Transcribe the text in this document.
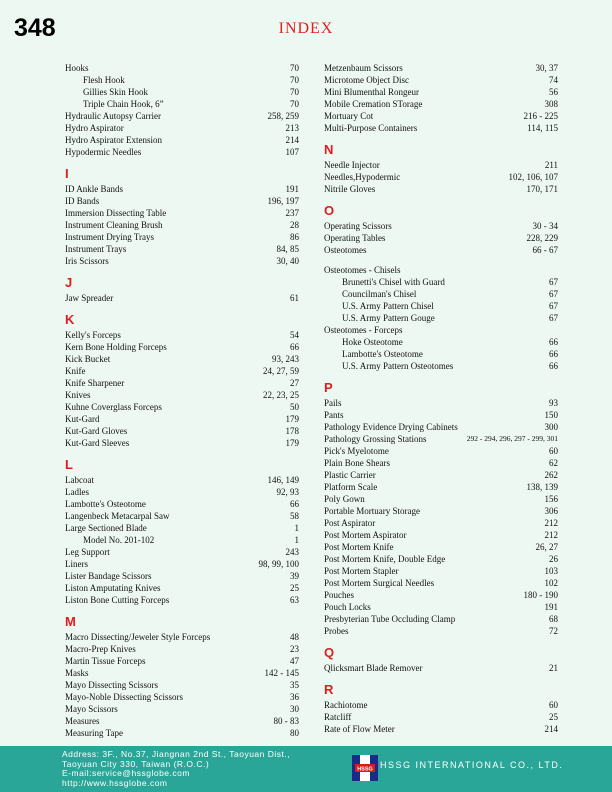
348	INDEX
Hooks	70
Flesh Hook	70
Gillies Skin Hook	70
Triple Chain Hook, 6”	70
Hydraulic Autopsy Carrier	258, 259
Hydro Aspirator	213
Hydro Aspirator Extension	214
Hypodermic Needles	107
I
ID Ankle Bands	191
ID Bands	196, 197
Immersion Dissecting Table	237
Instrument Cleaning Brush	28
Instrument Drying Trays	86
Instrument Trays	84, 85
Iris Scissors	30, 40
J
Jaw Spreader	61
K
Kelly's Forceps	54
Kern Bone Holding Forceps	66
Kick Bucket	93, 243
Knife	24, 27, 59
Knife Sharpener	27
Knives	22, 23, 25
Kuhne Coverglass Forceps	50
Kut-Gard	179
Kut-Gard Gloves	178
Kut-Gard Sleeves	179
L
Labcoat	146, 149
Ladles	92, 93
Lambotte's Osteotome	66
Langenbeck Metacarpal Saw	58
Large Sectioned Blade	1
Model No. 201-102	1
Leg Support	243
Liners	98, 99, 100
Lister Bandage Scissors	39
Liston Amputating Knives	25
Liston Bone Cutting Forceps	63
M
Macro Dissecting/Jeweler Style Forceps	48
Macro-Prep Knives	23
Martin Tissue Forceps	47
Masks	142 - 145
Mayo Dissecting Scissors	35
Mayo-Noble Dissecting Scissors	36
Mayo Scissors	30
Measures	80 - 83
Measuring Tape	80
Metzenbaum Scissors	30, 37
Microtome Object Disc	74
Mini Blumenthal Rongeur	56
Mobile Cremation STorage	308
Mortuary Cot	216 - 225
Multi-Purpose Containers	114, 115
N
Needle Injector	211
Needles,Hypodermic	102, 106, 107
Nitrile Gloves	170, 171
O
Operating Scissors	30 - 34
Operating Tables	228, 229
Osteotomes	66 - 67
Osteotomes - Chisels
Brunetti's Chisel with Guard	67
Councilman's Chisel	67
U.S. Army Pattern Chisel	67
U.S. Army Pattern Gouge	67
Osteotomes - Forceps
Hoke Osteotome	66
Lambotte's Osteotome	66
U.S. Army Pattern Osteotomes	66
P
Pails	93
Pants	150
Pathology Evidence Drying Cabinets	300
Pathology Grossing Stations	292 - 294, 296, 297 - 299, 301
Pick's Myelotome	60
Plain Bone Shears	62
Plastic Carrier	262
Platform Scale	138, 139
Poly Gown	156
Portable Mortuary Storage	306
Post Aspirator	212
Post Mortem Aspirator	212
Post Mortem Knife	26, 27
Post Mortem Knife, Double Edge	26
Post Mortem Stapler	103
Post Mortem Surgical Needles	102
Pouches	180 - 190
Pouch Locks	191
Presbyterian Tube Occluding Clamp	68
Probes	72
Q
Qlicksmart Blade Remover	21
R
Rachiotome	60
Ratcliff	25
Rate of Flow Meter	214
Address: 3F., No.37, Jiangnan 2nd St., Taoyuan Dist.,
Taoyuan City 330, Taiwan (R.O.C.)
E-mail:service@hssglobe.com
http://www.hssglobe.com
HSSG HSSG INTERNATIONAL CO., LTD.
